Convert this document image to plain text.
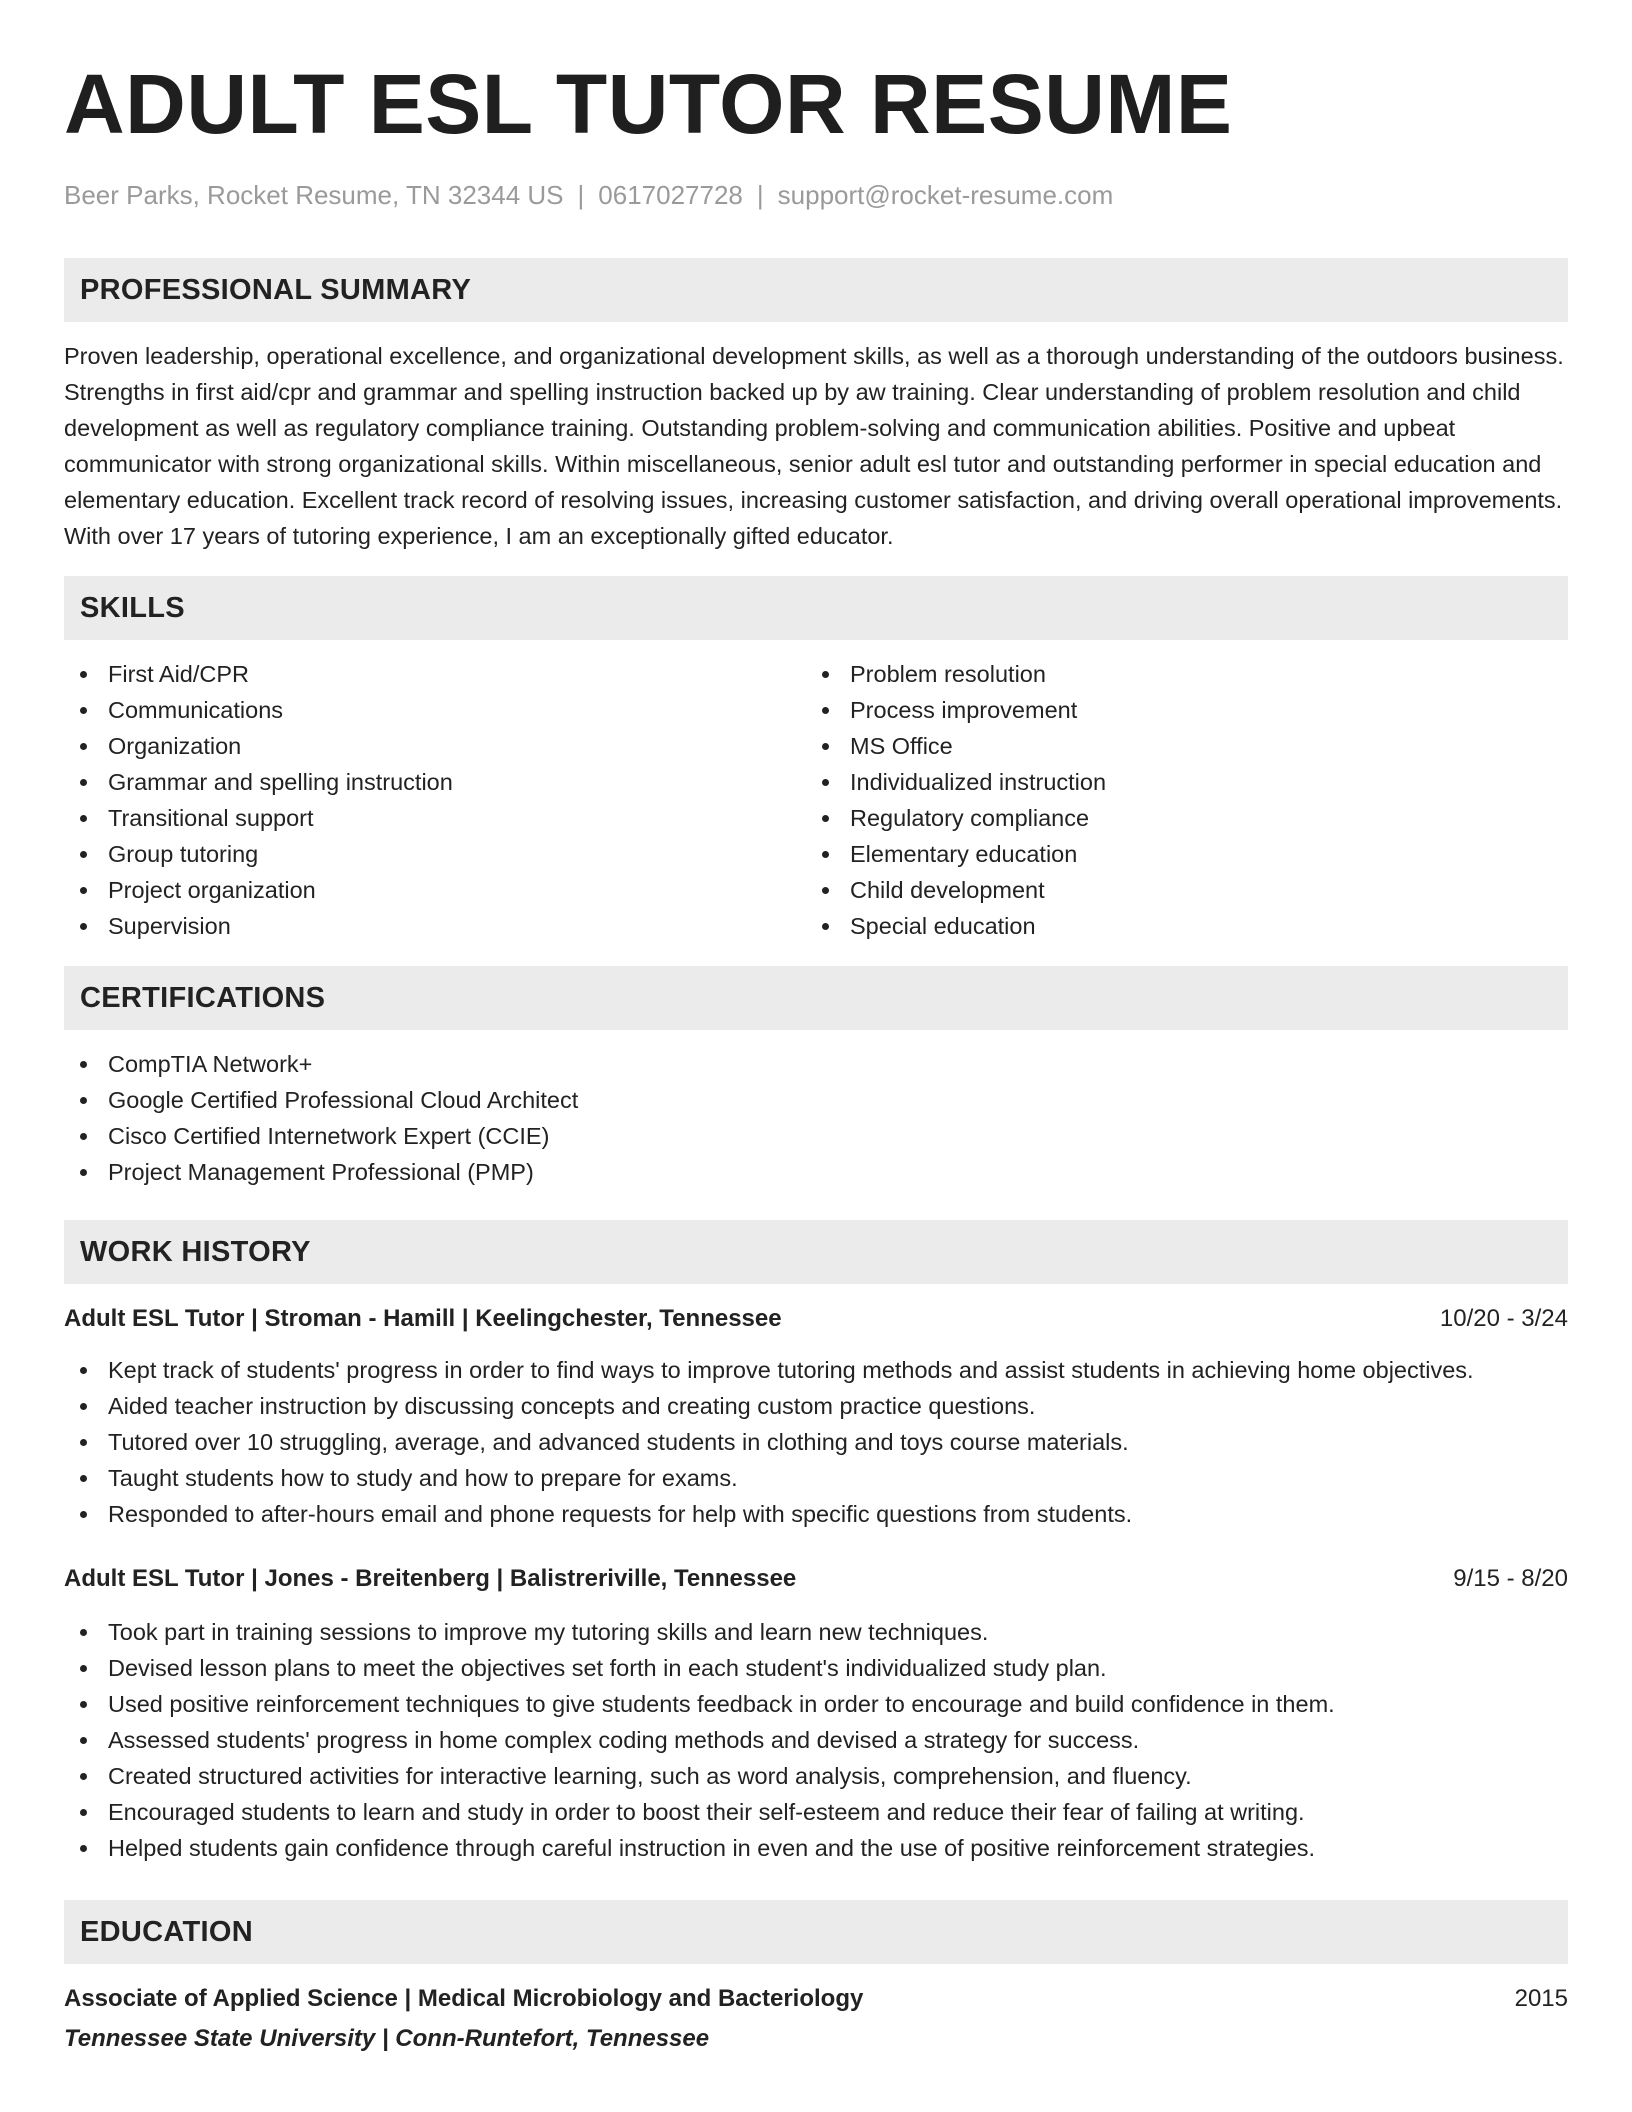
ADULT ESL TUTOR RESUME
Beer Parks, Rocket Resume, TN 32344 US | 0617027728 | support@rocket-resume.com
PROFESSIONAL SUMMARY

Proven leadership, operational excellence, and organizational development skills, as well as a thorough understanding of the outdoors business. Strengths in first aid/cpr and grammar and spelling instruction backed up by aw training. Clear understanding of problem resolution and child development as well as regulatory compliance training. Outstanding problem-solving and communication abilities. Positive and upbeat communicator with strong organizational skills. Within miscellaneous, senior adult esl tutor and outstanding performer in special education and elementary education. Excellent track record of resolving issues, increasing customer satisfaction, and driving overall operational improvements. With over 17 years of tutoring experience, I am an exceptionally gifted educator.

SKILLS
First Aid/CPR
Communications
Organization
Grammar and spelling instruction
Transitional support
Group tutoring
Project organization
Supervision
Problem resolution
Process improvement
MS Office
Individualized instruction
Regulatory compliance
Elementary education
Child development
Special education
CERTIFICATIONS
CompTIA Network+
Google Certified Professional Cloud Architect
Cisco Certified Internetwork Expert (CCIE)
Project Management Professional (PMP)
WORK HISTORY
Adult ESL Tutor | Stroman - Hamill | Keelingchester, Tennessee	10/20 - 3/24
Kept track of students' progress in order to find ways to improve tutoring methods and assist students in achieving home objectives.
Aided teacher instruction by discussing concepts and creating custom practice questions.
Tutored over 10 struggling, average, and advanced students in clothing and toys course materials.
Taught students how to study and how to prepare for exams.
Responded to after-hours email and phone requests for help with specific questions from students.
Adult ESL Tutor | Jones - Breitenberg | Balistreriville, Tennessee	9/15 - 8/20
Took part in training sessions to improve my tutoring skills and learn new techniques.
Devised lesson plans to meet the objectives set forth in each student's individualized study plan.
Used positive reinforcement techniques to give students feedback in order to encourage and build confidence in them.
Assessed students' progress in home complex coding methods and devised a strategy for success.
Created structured activities for interactive learning, such as word analysis, comprehension, and fluency.
Encouraged students to learn and study in order to boost their self-esteem and reduce their fear of failing at writing.
Helped students gain confidence through careful instruction in even and the use of positive reinforcement strategies.
EDUCATION
Associate of Applied Science | Medical Microbiology and Bacteriology	2015
Tennessee State University | Conn-Runtefort, Tennessee
